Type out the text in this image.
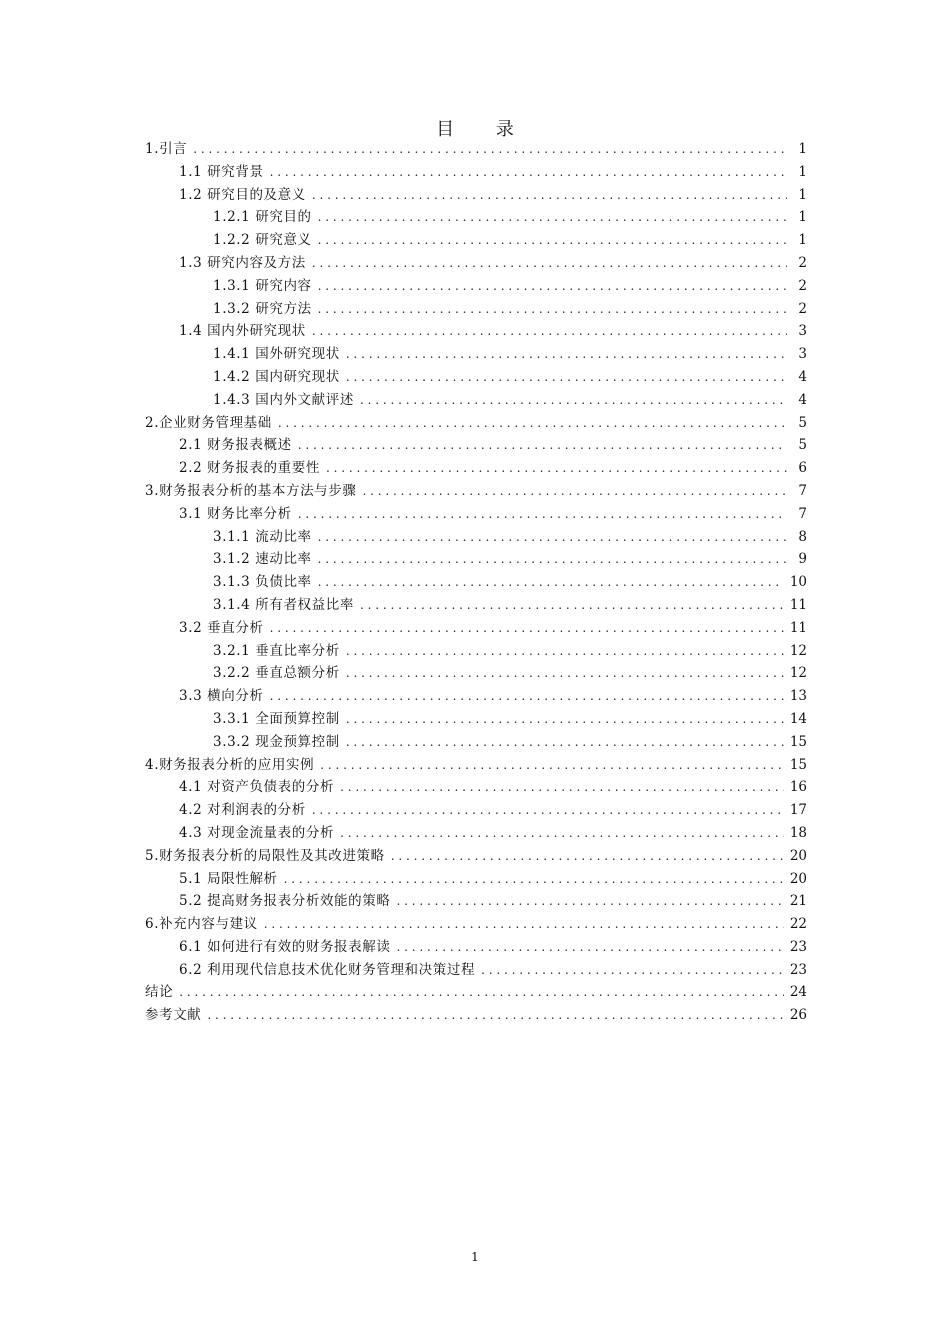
目 录
1.引言 . . .	1
1.1 研究背景 . . .	1
1.2 研究目的及意义 . . .	1
1.2.1 研究目的 . . .	1
1.2.2 研究意义 . . .	1
1.3 研究内容及方法 . . .	2
1.3.1 研究内容 . . .	2
1.3.2 研究方法 . . .	2
1.4 国内外研究现状 . . .	3
1.4.1 国外研究现状 . . .	3
1.4.2 国内研究现状 . . .	4
1.4.3 国内外文献评述 . . .	4
2.企业财务管理基础 . . .	5
2.1 财务报表概述 . . .	5
2.2 财务报表的重要性 . . .	6
3.财务报表分析的基本方法与步骤 . . .	7
3.1 财务比率分析 . . .	7
3.1.1 流动比率 . . .	8
3.1.2 速动比率 . . .	9
3.1.3 负债比率 . . .	10
3.1.4 所有者权益比率 . . .	11
3.2 垂直分析 . . .	11
3.2.1 垂直比率分析 . . .	12
3.2.2 垂直总额分析 . . .	12
3.3 横向分析 . . .	13
3.3.1 全面预算控制 . . .	14
3.3.2 现金预算控制 . . .	15
4.财务报表分析的应用实例 . . .	15
4.1 对资产负债表的分析 . . .	16
4.2 对利润表的分析 . . .	17
4.3 对现金流量表的分析 . . .	18
5.财务报表分析的局限性及其改进策略 . . .	20
5.1 局限性解析 . . .	20
5.2 提高财务报表分析效能的策略 . . .	21
6.补充内容与建议 . . .	22
6.1 如何进行有效的财务报表解读 . . .	23
6.2 利用现代信息技术优化财务管理和决策过程 . . .	23
结论 . . .	24
参考文献 . . .	26
1
